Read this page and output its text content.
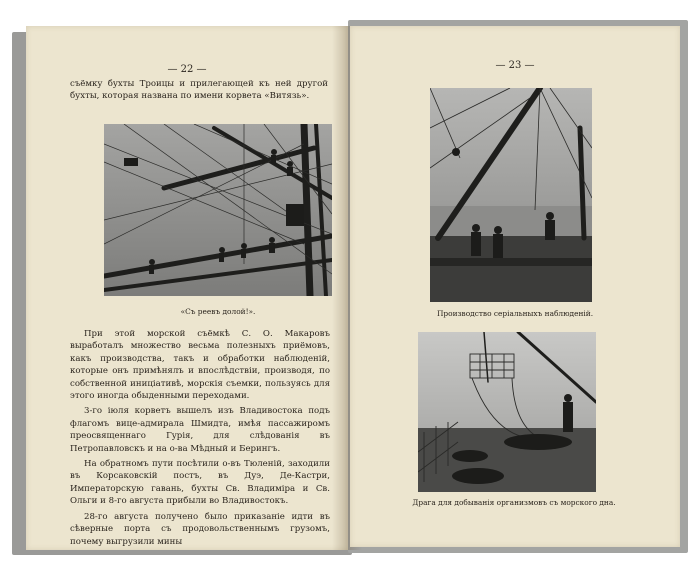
— 22 —

съёмку бухты Троицы и прилегающей къ ней другой бухты, которая названа по имени корвета «Витязь».

«Съ реевъ долой!».

При этой морской съёмкѣ С. О. Макаровъ выработалъ множество весьма полезныхъ приёмовъ, какъ производства, такъ и обработки наблюденій, которые онъ примѣнялъ и впослѣдствіи, производя, по собственной иниціативѣ, морскія съемки, пользуясь для этого иногда обыденными переходами.

3-го іюля корветъ вышелъ изъ Владивостока подъ флагомъ вице-адмирала Шмидта, имѣя пассажиромъ преосвященнаго Гурія, для слѣдованія въ Петропавловскъ и на о-ва Мѣдный и Берингъ.

На обратномъ пути посѣтили о-въ Тюленій, заходили въ Корсаковскій постъ, въ Дуэ, Де-Кастри, Императорскую гавань, бухты Св. Владиміра и Св. Ольги и 8-го августа прибыли во Владивостокъ.

28-го августа получено было приказаніе идти въ сѣверные порта съ продовольственнымъ грузомъ, почему выгрузили мины

— 23 —
Производство серіальныхъ наблюденій.
Драга для добыванія организмовъ съ морского дна.
